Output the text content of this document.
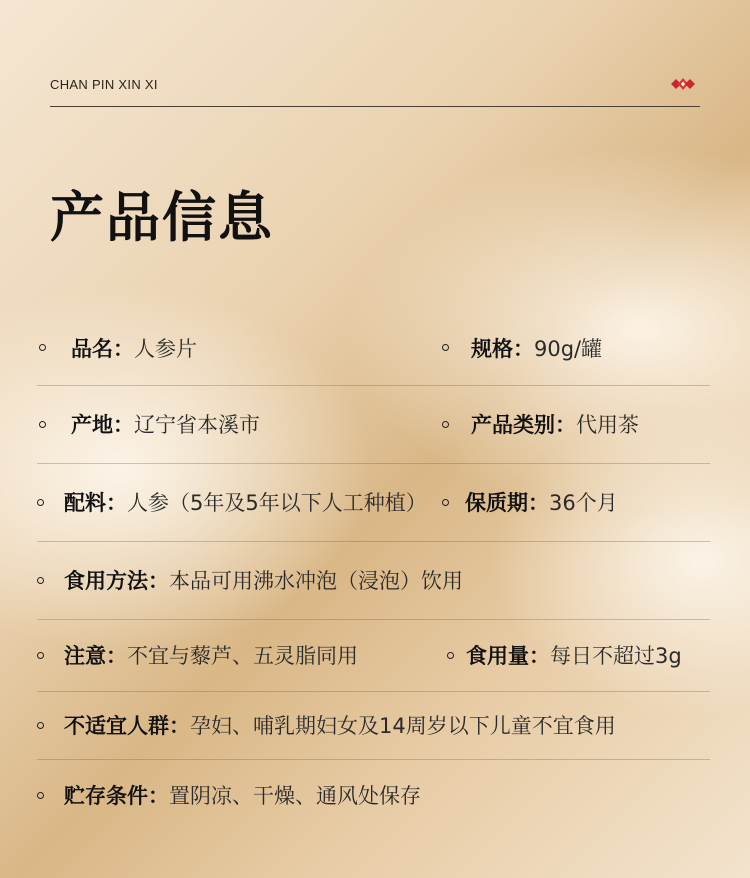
CHAN PIN XIN XI
产品信息
品名： 人参片	规格： 90g/罐
产地： 辽宁省本溪市	产品类别： 代用茶
配料： 人参（5年及5年以下人工种植） 保质期： 36个月
食用方法： 本品可用沸水冲泡（浸泡）饮用
注意： 不宜与藜芦、五灵脂同用	食用量： 每日不超过3g
不适宜人群： 孕妇、哺乳期妇女及14周岁以下儿童不宜食用
贮存条件： 置阴凉、干燥、通风处保存
